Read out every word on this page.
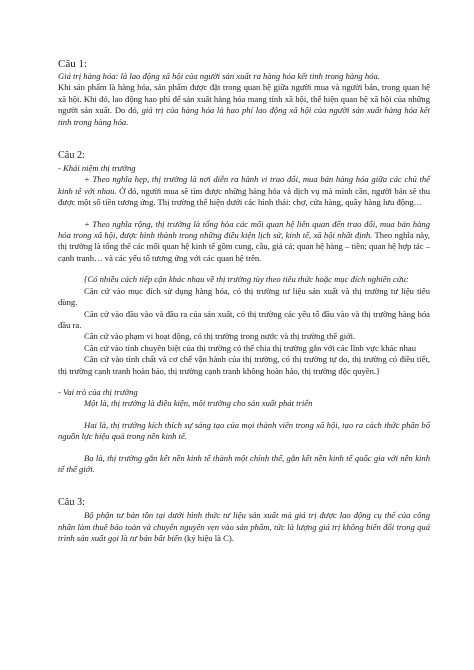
Câu 1:

Giá trị hàng hóa: là lao động xã hội của người sản xuất ra hàng hóa kết tinh trong hàng hóa.

Khi sản phẩm là hàng hóa, sản phẩm được đặt trong quan hệ giữa người mua và người bán, trong quan hệ xã hội. Khi đó, lao động hao phí để sản xuất hàng hóa mang tính xã hội, thể hiện quan hệ xã hội của những người sản xuất. Do đó, giá trị của hàng hóa là hao phí lao động xã hội của người sản xuất hàng hóa kết tinh trong hàng hóa.

Câu 2:

- Khái niệm thị trường

+ Theo nghĩa hẹp, thị trường là nơi diễn ra hành vi trao đổi, mua bán hàng hóa giữa các chủ thể kinh tế với nhau. Ở đó, người mua sẽ tìm được những hàng hóa và dịch vụ mà mình cần, người bán sẽ thu được một số tiền tương ứng. Thị trường thể hiện dưới các hình thái: chợ, cửa hàng, quầy hàng lưu động…

+ Theo nghĩa rộng, thị trường là tổng hòa các mối quan hệ liên quan đến trao đổi, mua bán hàng hóa trong xã hội, được hình thành trong những điều kiện lịch sử, kinh tế, xã hội nhất định. Theo nghĩa này, thị trường là tổng thể các mối quan hệ kinh tế gồm cung, cầu, giá cả; quan hệ hàng – tiền; quan hệ hợp tác – cạnh tranh… và các yếu tố tương ứng với các quan hệ trên.

{Có nhiều cách tiếp cận khác nhau về thị trường tùy theo tiêu thức hoặc mục đích nghiên cứu:

Căn cứ vào mục đích sử dụng hàng hóa, có thị trường tư liệu sản xuất và thị trường tư liệu tiêu dùng.

Căn cứ vào đầu vào và đầu ra của sản xuất, có thị trường các yếu tố đầu vào và thị trường hàng hóa đầu ra.

Căn cứ vào phạm vi hoạt động, có thị trường trong nước và thị trường thế giới.

Căn cứ vào tính chuyên biệt của thị trường có thể chia thị trường gắn với các lĩnh vực khác nhau

Căn cứ vào tính chất và cơ chế vận hành của thị trường, có thị trường tự do, thị trường có điều tiết, thị trường cạnh tranh hoàn hảo, thị trường cạnh tranh không hoàn hảo, thị trường độc quyền.}

- Vai trò của thị trường

Một là, thị trường là điều kiện, môi trường cho sản xuất phát triển

Hai là, thị trường kích thích sự sáng tạo của mọi thành viên trong xã hội, tạo ra cách thức phân bổ nguồn lực hiệu quả trong nền kinh tế.

Ba là, thị trường gắn kết nền kinh tế thành một chỉnh thể, gắn kết nền kinh tế quốc gia với nền kinh tế thế giới.

Câu 3:

Bộ phận tư bản tồn tại dưới hình thức tư liệu sản xuất mà giá trị được lao động cụ thể của công nhân làm thuê bảo toàn và chuyển nguyên vẹn vào sản phẩm, tức là lượng giá trị không biến đổi trong quá trình sản xuất gọi là tư bản bất biến (ký hiệu là C).
